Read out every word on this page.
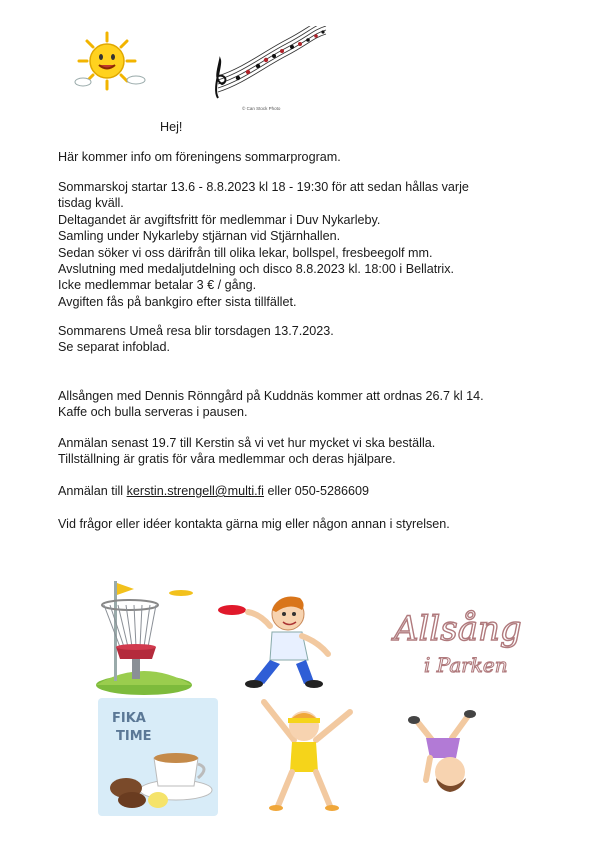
© Can Stock Photo
Hej!
Här kommer info om föreningens sommarprogram.
Sommarskoj startar 13.6 - 8.8.2023 kl 18 - 19:30 för att sedan hållas varje
tisdag kväll.
Deltagandet är avgiftsfritt för medlemmar i Duv Nykarleby.
Samling under Nykarleby stjärnan vid Stjärnhallen.
Sedan söker vi oss därifrån till olika lekar, bollspel, fresbeegolf mm.
Avslutning med medaljutdelning och disco 8.8.2023 kl. 18:00 i Bellatrix.
Icke medlemmar betalar 3 € / gång.
Avgiften fås på bankgiro efter sista tillfället.
Sommarens Umeå resa blir torsdagen 13.7.2023.
Se separat infoblad.
Allsången med Dennis Rönngård på Kuddnäs kommer att ordnas 26.7 kl 14.
Kaffe och bulla serveras i pausen.
Anmälan senast 19.7 till Kerstin så vi vet hur mycket vi ska beställa.
Tillställning är gratis för våra medlemmar och deras hjälpare.
Anmälan till kerstin.strengell@multi.fi eller 050-5286609
Vid frågor eller idéer kontakta gärna mig eller någon annan i styrelsen.
Allsång
i Parken
FIKA
TIME
